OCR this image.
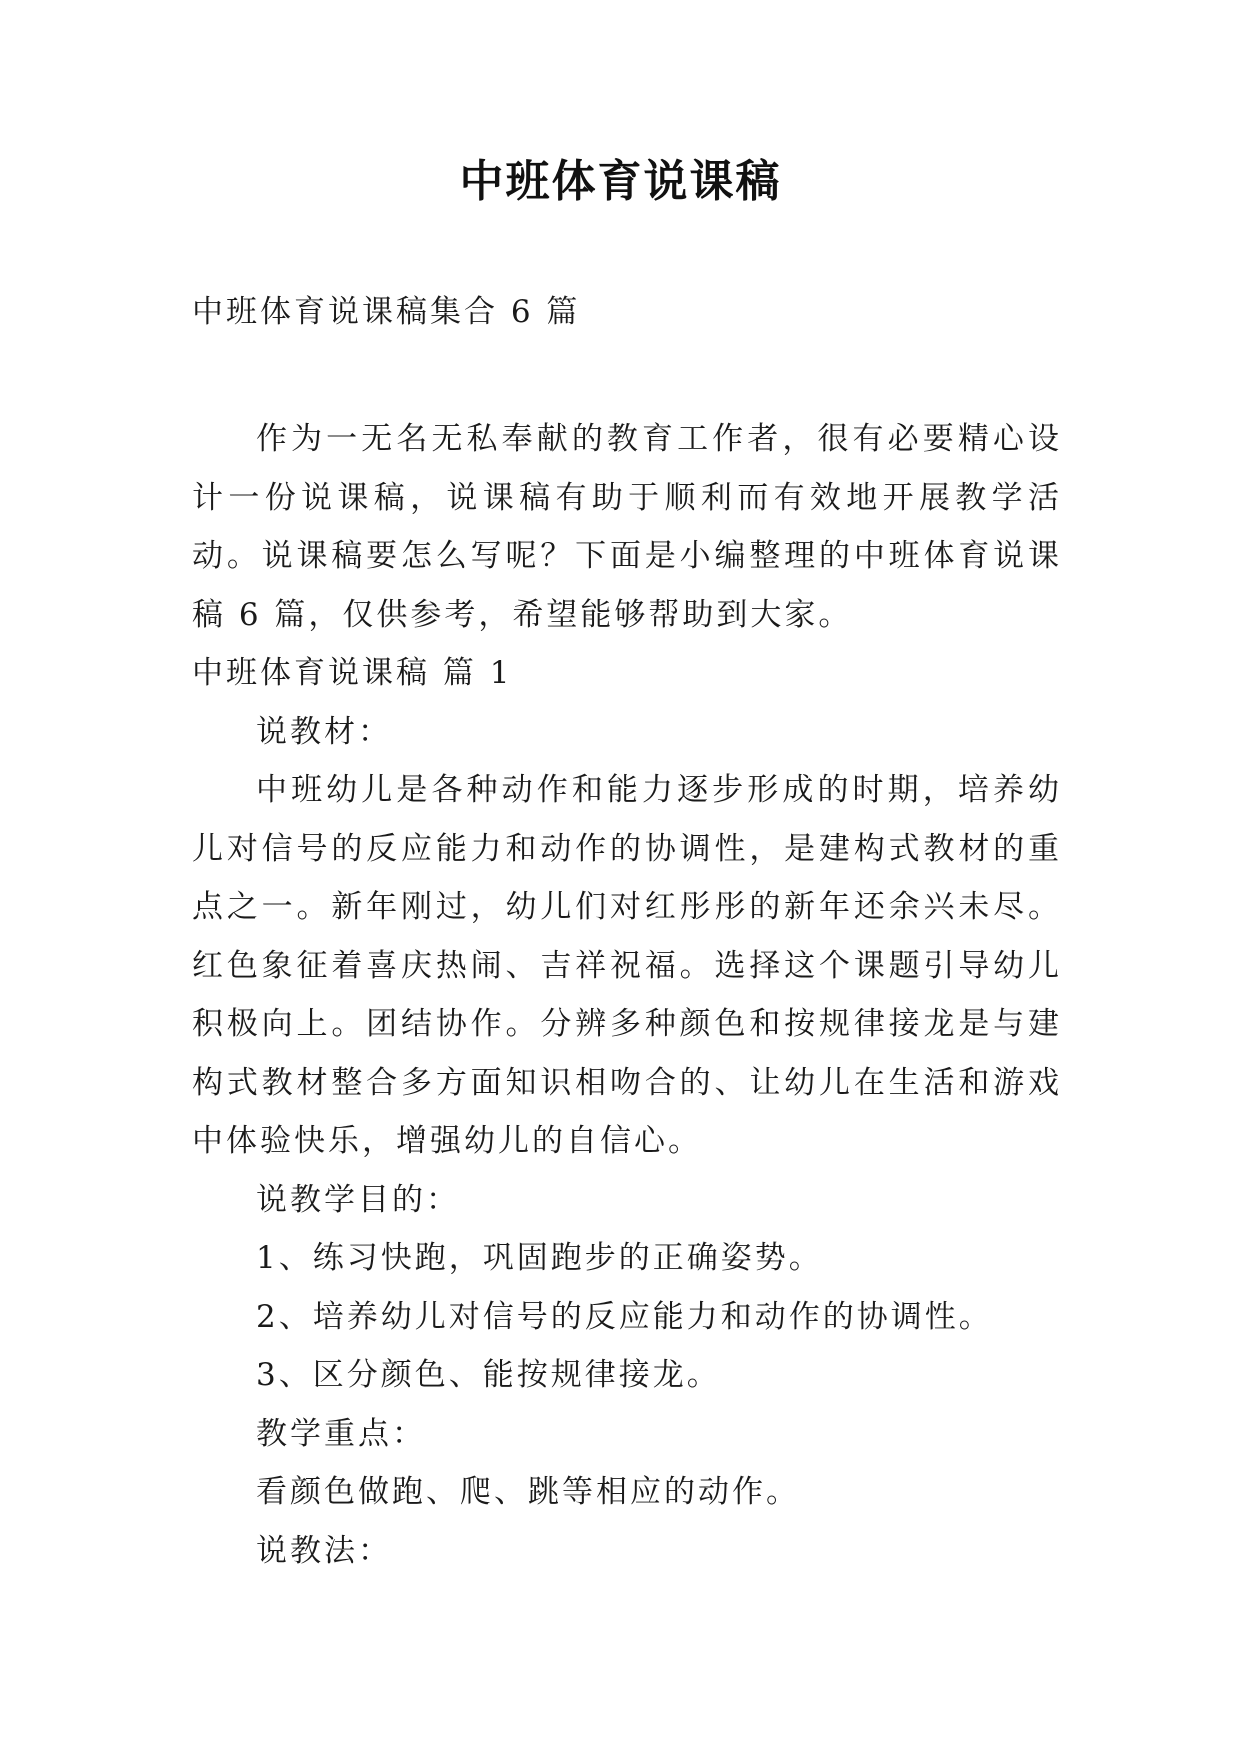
中班体育说课稿
中班体育说课稿集合 6 篇

作为一无名无私奉献的教育工作者，很有必要精心设计一份说课稿，说课稿有助于顺利而有效地开展教学活动。说课稿要怎么写呢？下面是小编整理的中班体育说课稿 6 篇，仅供参考，希望能够帮助到大家。

中班体育说课稿 篇 1

说教材：

中班幼儿是各种动作和能力逐步形成的时期，培养幼儿对信号的反应能力和动作的协调性，是建构式教材的重点之一。新年刚过，幼儿们对红彤彤的新年还余兴未尽。红色象征着喜庆热闹、吉祥祝福。选择这个课题引导幼儿积极向上。团结协作。分辨多种颜色和按规律接龙是与建构式教材整合多方面知识相吻合的、让幼儿在生活和游戏中体验快乐，增强幼儿的自信心。

说教学目的：

1、练习快跑，巩固跑步的正确姿势。

2、培养幼儿对信号的反应能力和动作的协调性。

3、区分颜色、能按规律接龙。

教学重点：

看颜色做跑、爬、跳等相应的动作。

说教法：
